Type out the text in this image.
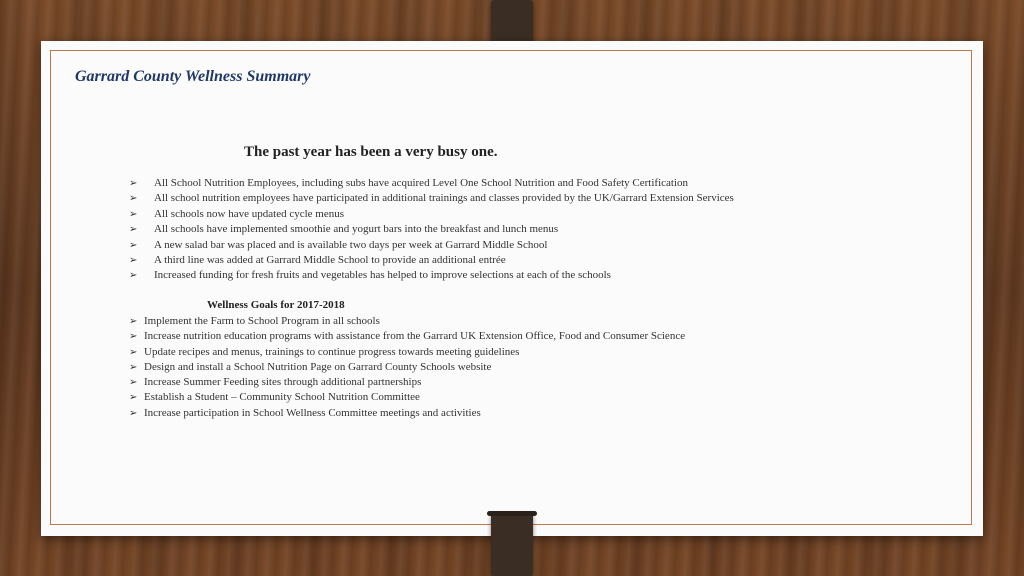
Garrard County Wellness Summary
The past year has been a very busy one.
➢ All School Nutrition Employees, including subs have acquired Level One School Nutrition and Food Safety Certification
➢ All school nutrition employees have participated in additional trainings and classes provided by the UK/Garrard Extension Services
➢ All schools now have updated cycle menus
➢ All schools have implemented smoothie and yogurt bars into the breakfast and lunch menus
➢ A new salad bar was placed and is available two days per week at Garrard Middle School
➢ A third line was added at Garrard Middle School to provide an additional entrée
➢ Increased funding for fresh fruits and vegetables has helped to improve selections at each of the schools
Wellness Goals for 2017-2018
➢ Implement the Farm to School Program in all schools
➢ Increase nutrition education programs with assistance from the Garrard UK Extension Office, Food and Consumer Science
➢ Update recipes and menus, trainings to continue progress towards meeting guidelines
➢ Design and install a School Nutrition Page on Garrard County Schools website
➢ Increase Summer Feeding sites through additional partnerships
➢ Establish a Student – Community School Nutrition Committee
➢ Increase participation in School Wellness Committee meetings and activities
